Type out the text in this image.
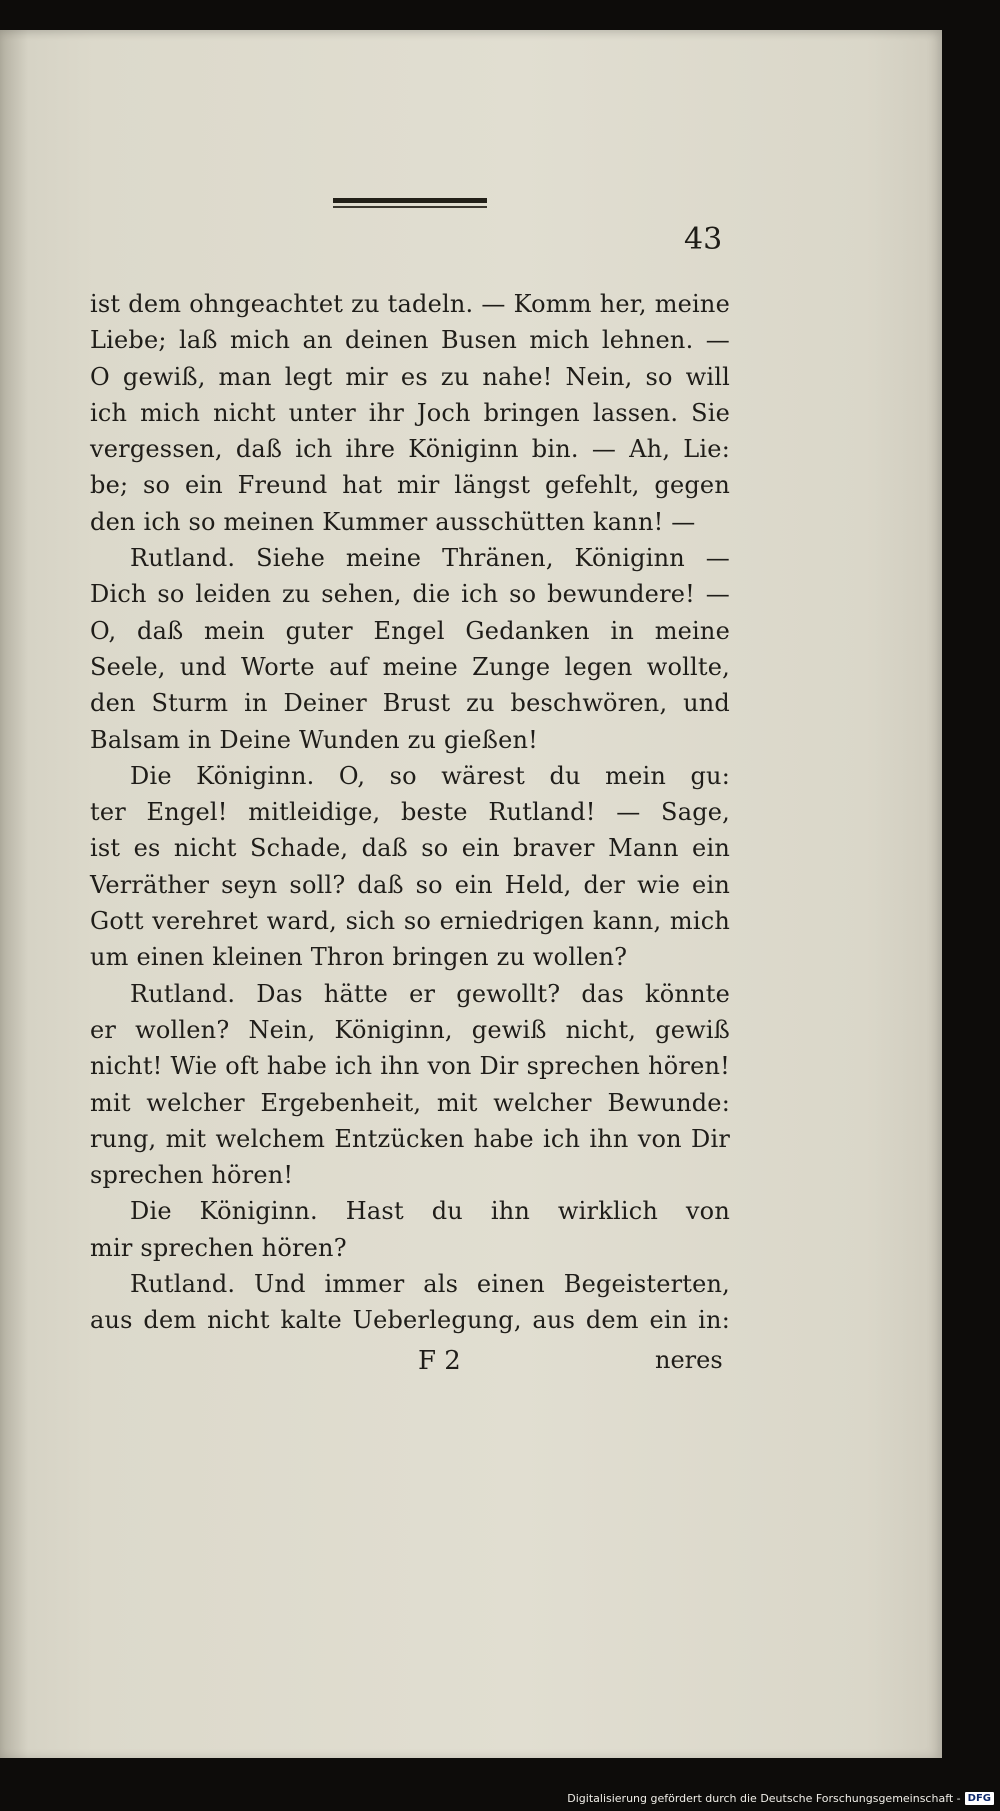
43
ist dem ohngeachtet zu tadeln. — Komm her, meine
Liebe; laß mich an deinen Busen mich lehnen. —
O gewiß, man legt mir es zu nahe! Nein, so will
ich mich nicht unter ihr Joch bringen lassen. Sie
vergessen, daß ich ihre Königinn bin. — Ah, Lie:
be; so ein Freund hat mir längst gefehlt, gegen
den ich so meinen Kummer ausschütten kann! —
Rutland. Siehe meine Thränen, Königinn —
Dich so leiden zu sehen, die ich so bewundere! —
O, daß mein guter Engel Gedanken in meine
Seele, und Worte auf meine Zunge legen wollte,
den Sturm in Deiner Brust zu beschwören, und
Balsam in Deine Wunden zu gießen!
Die Königinn. O, so wärest du mein gu:
ter Engel! mitleidige, beste Rutland! — Sage,
ist es nicht Schade, daß so ein braver Mann ein
Verräther seyn soll? daß so ein Held, der wie ein
Gott verehret ward, sich so erniedrigen kann, mich
um einen kleinen Thron bringen zu wollen?
Rutland. Das hätte er gewollt? das könnte
er wollen? Nein, Königinn, gewiß nicht, gewiß
nicht! Wie oft habe ich ihn von Dir sprechen hören!
mit welcher Ergebenheit, mit welcher Bewunde:
rung, mit welchem Entzücken habe ich ihn von Dir
sprechen hören!
Die Königinn. Hast du ihn wirklich von
mir sprechen hören?
Rutland. Und immer als einen Begeisterten,
aus dem nicht kalte Ueberlegung, aus dem ein in:
F 2	neres
Digitalisierung gefördert durch die Deutsche Forschungsgemeinschaft - DFG
